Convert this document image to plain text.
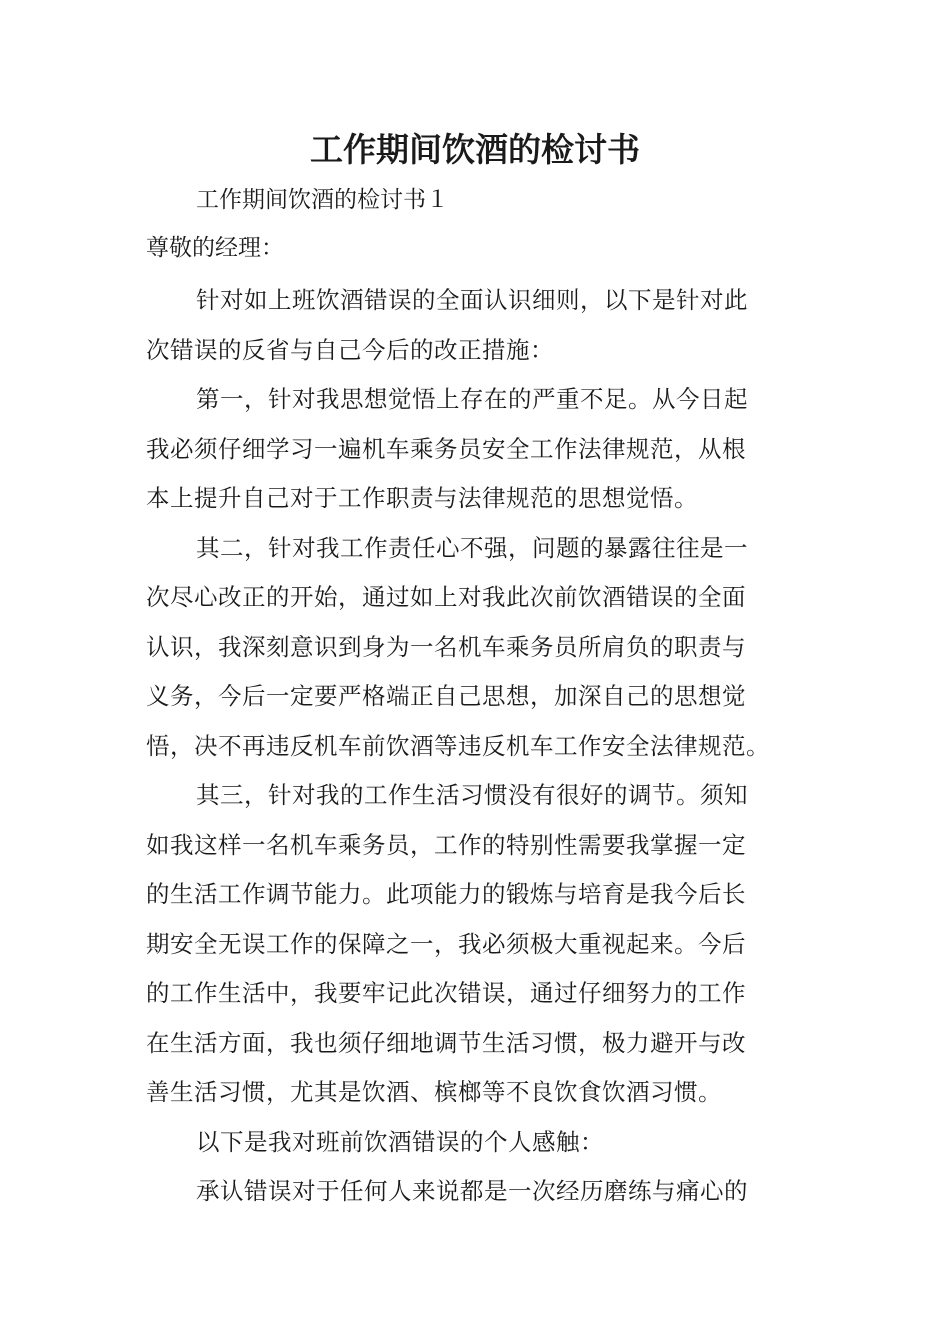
工作期间饮酒的检讨书

工作期间饮酒的检讨书１

尊敬的经理：

针对如上班饮酒错误的全面认识细则，以下是针对此
次错误的反省与自己今后的改正措施：
第一，针对我思想觉悟上存在的严重不足。从今日起
我必须仔细学习一遍机车乘务员安全工作法律规范，从根
本上提升自己对于工作职责与法律规范的思想觉悟。
其二，针对我工作责任心不强，问题的暴露往往是一
次尽心改正的开始，通过如上对我此次前饮酒错误的全面
认识，我深刻意识到身为一名机车乘务员所肩负的职责与
义务，今后一定要严格端正自己思想，加深自己的思想觉
悟，决不再违反机车前饮酒等违反机车工作安全法律规范。
其三，针对我的工作生活习惯没有很好的调节。须知
如我这样一名机车乘务员，工作的特别性需要我掌握一定
的生活工作调节能力。此项能力的锻炼与培育是我今后长
期安全无误工作的保障之一，我必须极大重视起来。今后
的工作生活中，我要牢记此次错误，通过仔细努力的工作
在生活方面，我也须仔细地调节生活习惯，极力避开与改
善生活习惯，尤其是饮酒、槟榔等不良饮食饮酒习惯。
以下是我对班前饮酒错误的个人感触：
承认错误对于任何人来说都是一次经历磨练与痛心的
